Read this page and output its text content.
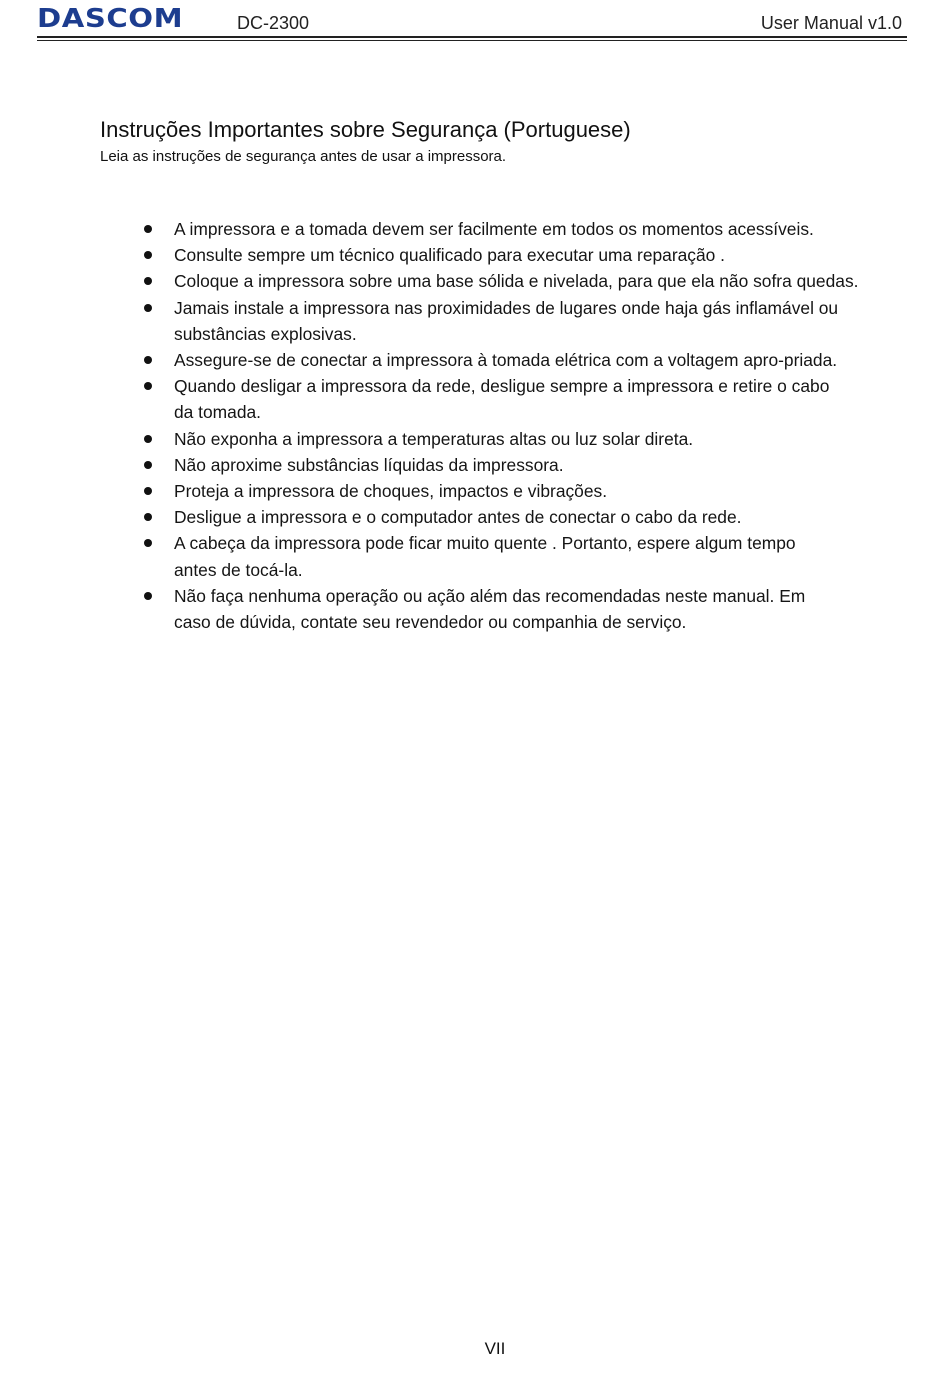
DASCOM	DC-2300	User Manual v1.0
Instruções Importantes sobre Segurança (Portuguese)
Leia as instruções de segurança antes de usar a impressora.
A impressora e a tomada devem ser facilmente em todos os momentos acessíveis.
Consulte sempre um técnico qualificado para executar uma reparação .
Coloque a impressora sobre uma base sólida e nivelada, para que ela não sofra quedas.
Jamais instale a impressora nas proximidades de lugares onde haja gás inflamável ou
substâncias explosivas.
Assegure-se de conectar a impressora à tomada elétrica com a voltagem apro-priada.
Quando desligar a impressora da rede, desligue sempre a impressora e retire o cabo
da tomada.
Não exponha a impressora a temperaturas altas ou luz solar direta.
Não aproxime substâncias líquidas da impressora.
Proteja a impressora de choques, impactos e vibrações.
Desligue a impressora e o computador antes de conectar o cabo da rede.
A cabeça da impressora pode ficar muito quente . Portanto, espere algum tempo
antes de tocá-la.
Não faça nenhuma operação ou ação além das recomendadas neste manual. Em
caso de dúvida, contate seu revendedor ou companhia de serviço.
VII
